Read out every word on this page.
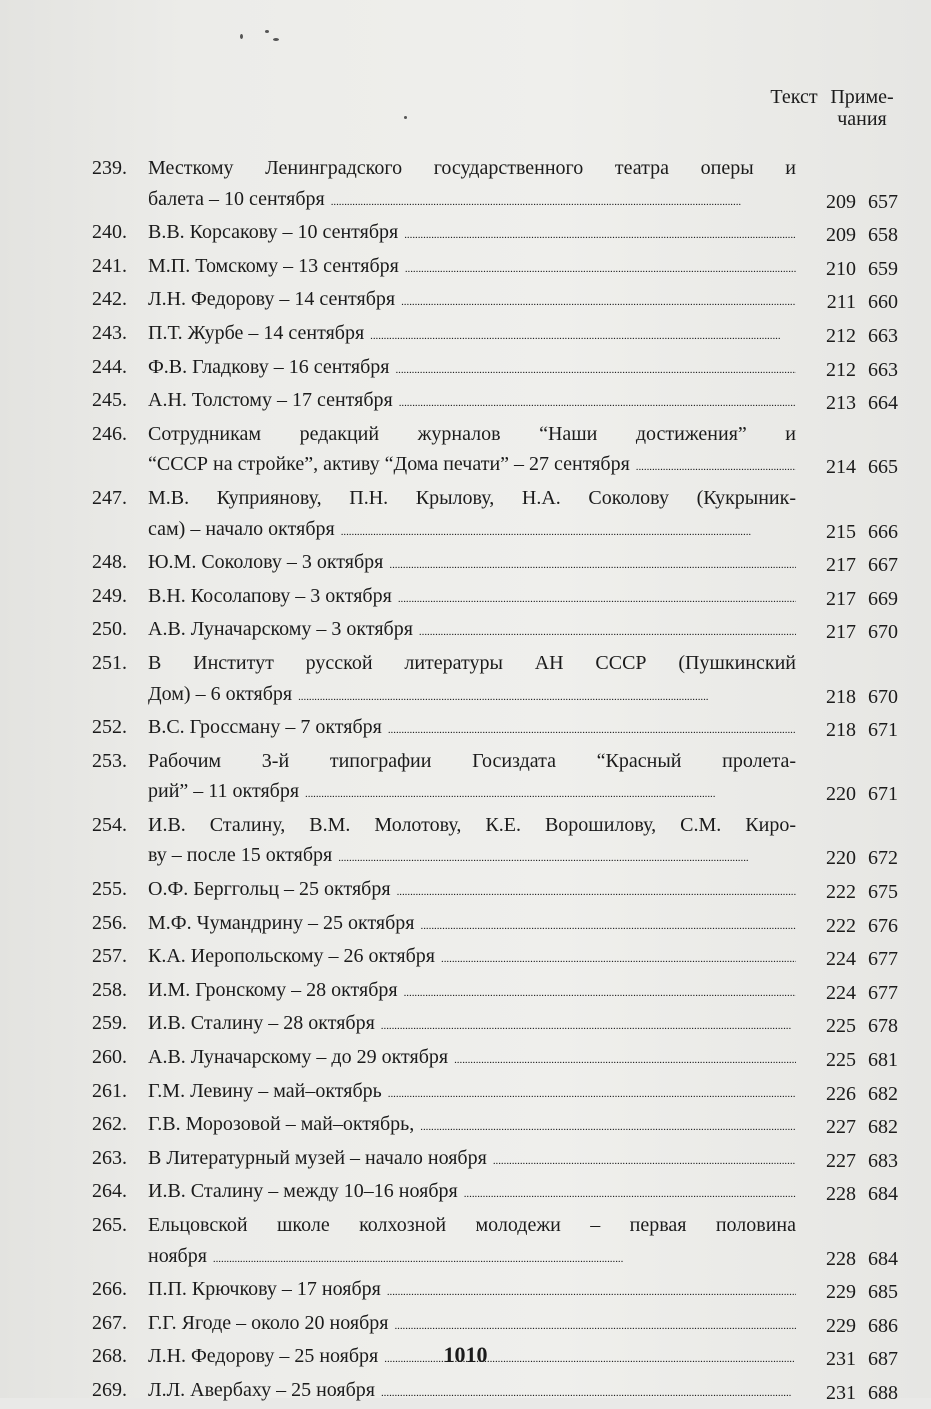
Текст Приме-
чания
239.	Месткому Ленинградского государственного театра оперы и
балета – 10 сентября . . .	209 657
240.	В.В. Корсакову – 10 сентября . . .	209 658
241.	М.П. Томскому – 13 сентября . . .	210 659
242.	Л.Н. Федорову – 14 сентября . . .	211 660
243.	П.Т. Журбе – 14 сентября . . .	212 663
244.	Ф.В. Гладкову – 16 сентября . . .	212 663
245.	А.Н. Толстому – 17 сентября . . .	213 664
246.	Сотрудникам редакций журналов “Наши достижения” и
“СССР на стройке”, активу “Дома печати” – 27 сентября . . .	214 665
247.	М.В. Куприянову, П.Н. Крылову, Н.А. Соколову (Кукрыник-
сам) – начало октября . . .	215 666
248.	Ю.М. Соколову – 3 октября . . .	217 667
249.	В.Н. Косолапову – 3 октября . . .	217 669
250.	А.В. Луначарскому – 3 октября . . .	217 670
251.	В Институт русской литературы АН СССР (Пушкинский
Дом) – 6 октября . . .	218 670
252.	В.С. Гроссману – 7 октября . . .	218 671
253.	Рабочим 3-й типографии Госиздата “Красный пролета-
рий” – 11 октября . . .	220 671
254.	И.В. Сталину, В.М. Молотову, К.Е. Ворошилову, С.М. Киро-
ву – после 15 октября . . .	220 672
255.	О.Ф. Берггольц – 25 октября . . .	222 675
256.	М.Ф. Чумандрину – 25 октября . . .	222 676
257.	К.А. Иеропольскому – 26 октября . . .	224 677
258.	И.М. Гронскому – 28 октября . . .	224 677
259.	И.В. Сталину – 28 октября . . .	225 678
260.	А.В. Луначарскому – до 29 октября . . .	225 681
261.	Г.М. Левину – май–октябрь . . .	226 682
262.	Г.В. Морозовой – май–октябрь, . . .	227 682
263.	В Литературный музей – начало ноября . . .	227 683
264.	И.В. Сталину – между 10–16 ноября . . .	228 684
265.	Ельцовской школе колхозной молодежи – первая половина
ноября . . .	228 684
266.	П.П. Крючкову – 17 ноября . . .	229 685
267.	Г.Г. Ягоде – около 20 ноября . . .	229 686
268.	Л.Н. Федорову – 25 ноября . . .	231 687
269.	Л.Л. Авербаху – 25 ноября . . .	231 688
1010
